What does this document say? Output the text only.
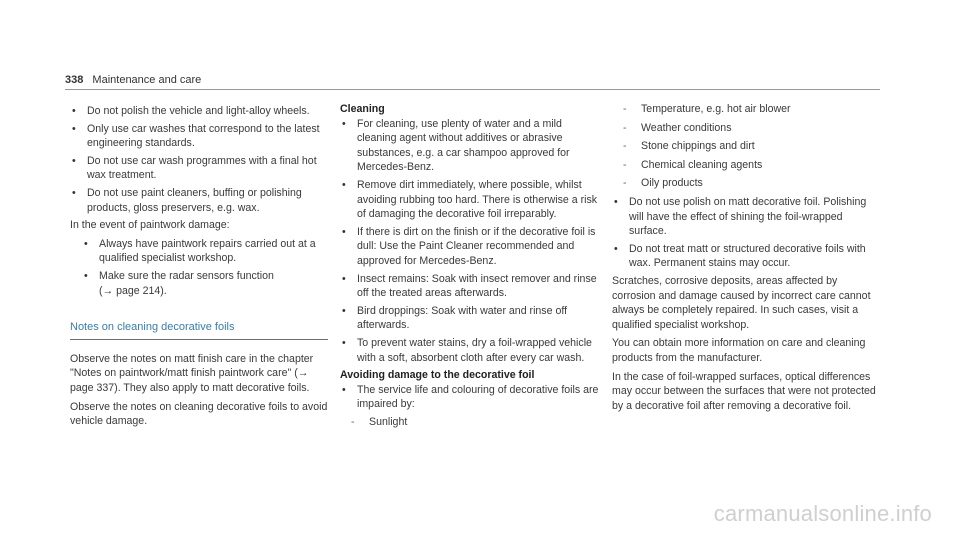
338 Maintenance and care
• Do not polish the vehicle and light-alloy wheels.
• Only use car washes that correspond to the latest engineering standards.
• Do not use car wash programmes with a final hot wax treatment.
• Do not use paint cleaners, buffing or polishing products, gloss preservers, e.g. wax.

In the event of paintwork damage:

• Always have paintwork repairs carried out at a qualified specialist workshop.
• Make sure the radar sensors function
(→ page 214).
Notes on cleaning decorative foils

Observe the notes on matt finish care in the chapter "Notes on paintwork/matt finish paintwork care" (→ page 337). They also apply to matt decorative foils.

Observe the notes on cleaning decorative foils to avoid vehicle damage.

Cleaning

• For cleaning, use plenty of water and a mild cleaning agent without additives or abrasive substances, e.g. a car shampoo approved for Mercedes-Benz.
• Remove dirt immediately, where possible, whilst avoiding rubbing too hard. There is otherwise a risk of damaging the decorative foil irreparably.
• If there is dirt on the finish or if the decorative foil is dull: Use the Paint Cleaner recommended and approved for Mercedes-Benz.
• Insect remains: Soak with insect remover and rinse off the treated areas afterwards.
• Bird droppings: Soak with water and rinse off afterwards.
• To prevent water stains, dry a foil-wrapped vehicle with a soft, absorbent cloth after every car wash.

Avoiding damage to the decorative foil

• The service life and colouring of decorative foils are impaired by:
- Sunlight
- Temperature, e.g. hot air blower
- Weather conditions
- Stone chippings and dirt
- Chemical cleaning agents
- Oily products
• Do not use polish on matt decorative foil. Polishing will have the effect of shining the foil-wrapped surface.
• Do not treat matt or structured decorative foils with wax. Permanent stains may occur.

Scratches, corrosive deposits, areas affected by corrosion and damage caused by incorrect care cannot always be completely repaired. In such cases, visit a qualified specialist workshop.

You can obtain more information on care and cleaning products from the manufacturer.

In the case of foil-wrapped surfaces, optical differences may occur between the surfaces that were not protected by a decorative foil after removing a decorative foil.

carmanualsonline.info
